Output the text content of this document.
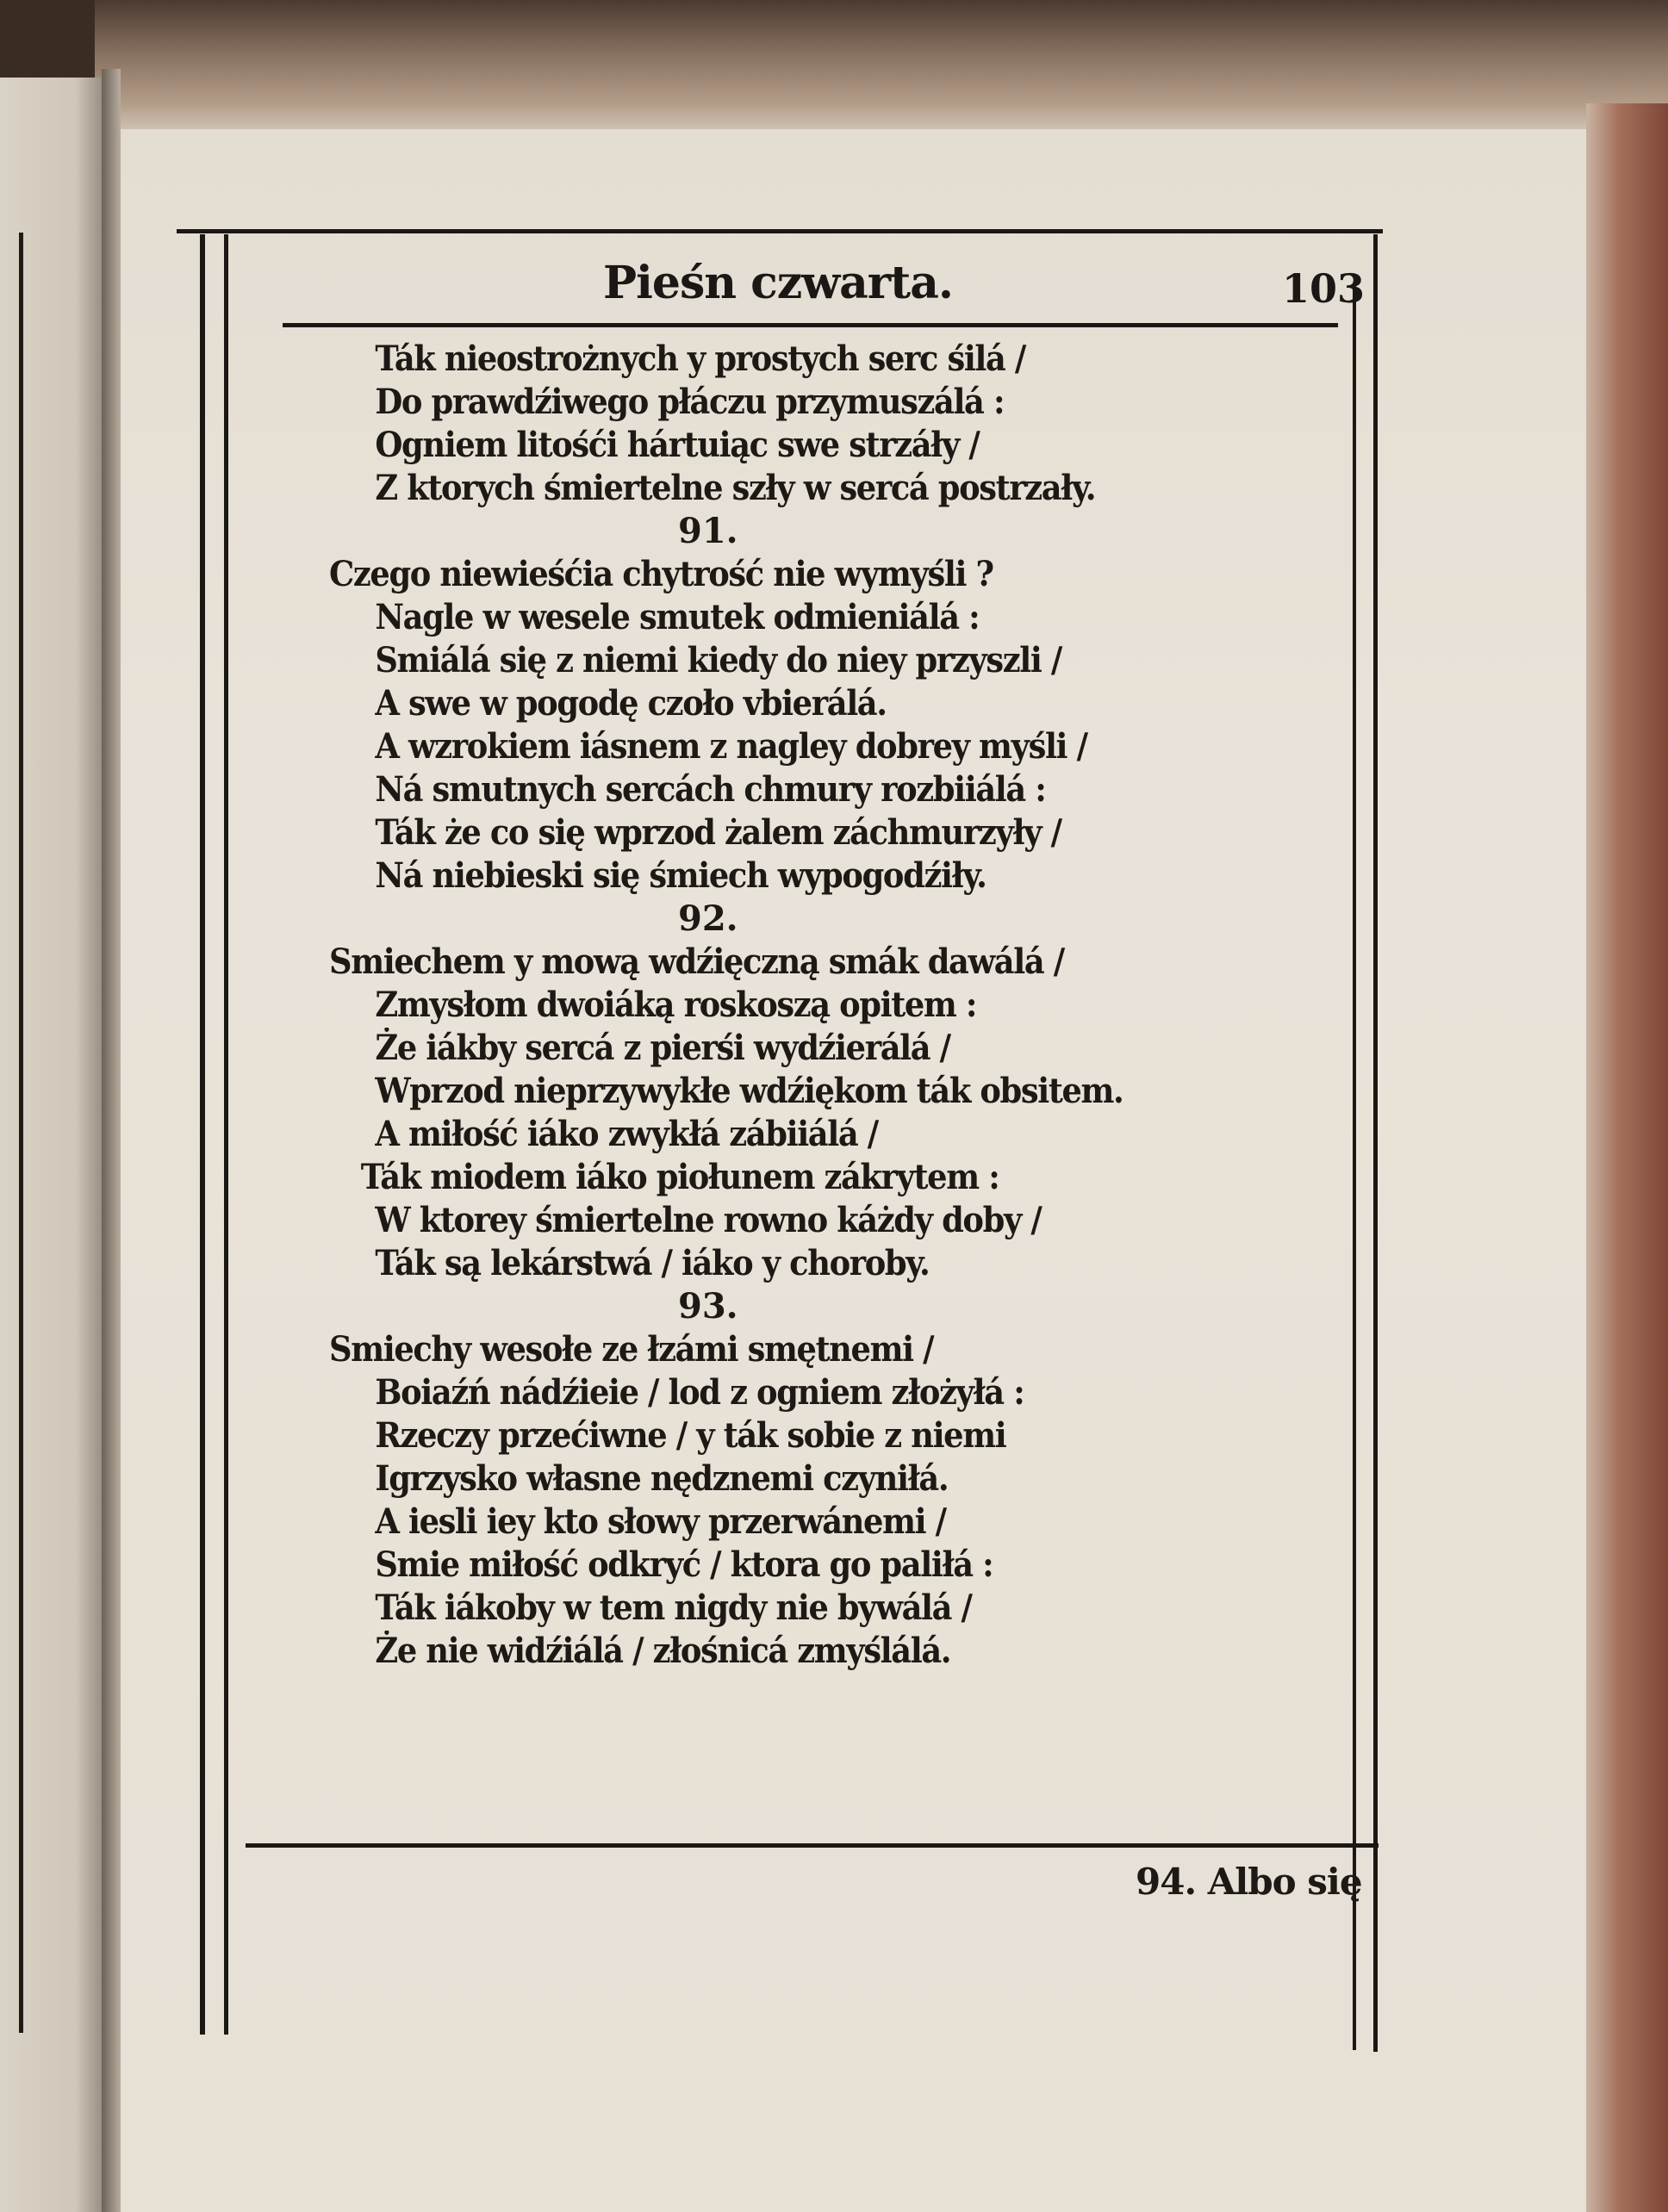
Pieśn czwarta.	103
Ták nieostrożnych y prostych serc śilá /
Do prawdźiwego płáczu przymuszálá :
Ogniem litośći hártuiąc swe strzáły /
Z ktorych śmiertelne szły w sercá postrzały.
91.
Czego niewieśćia chytrość nie wymyśli ?
Nagle w wesele smutek odmieniálá :
Smiálá się z niemi kiedy do niey przyszli /
A swe w pogodę czoło vbierálá.
A wzrokiem iásnem z nagley dobrey myśli /
Ná smutnych sercách chmury rozbiiálá :
Ták że co się wprzod żalem záchmurzyły /
Ná niebieski się śmiech wypogodźiły.
92.
Smiechem y mową wdźięczną smák dawálá /
Zmysłom dwoiáką roskoszą opitem :
Że iákby sercá z pierśi wydźierálá /
Wprzod nieprzywykłe wdźiękom ták obsitem.
A miłość iáko zwykłá zábiiálá /
Ták miodem iáko piołunem zákrytem :
W ktorey śmiertelne rowno káżdy doby /
Ták są lekárstwá / iáko y choroby.
93.
Smiechy wesołe ze łzámi smętnemi /
Boiaźń nádźieie / lod z ogniem złożyłá :
Rzeczy przećiwne / y ták sobie z niemi
Igrzysko własne nędznemi czyniłá.
A iesli iey kto słowy przerwánemi /
Smie miłość odkryć / ktora go paliłá :
Ták iákoby w tem nigdy nie bywálá /
Że nie widźiálá / złośnicá zmyślálá.
94. Albo się
